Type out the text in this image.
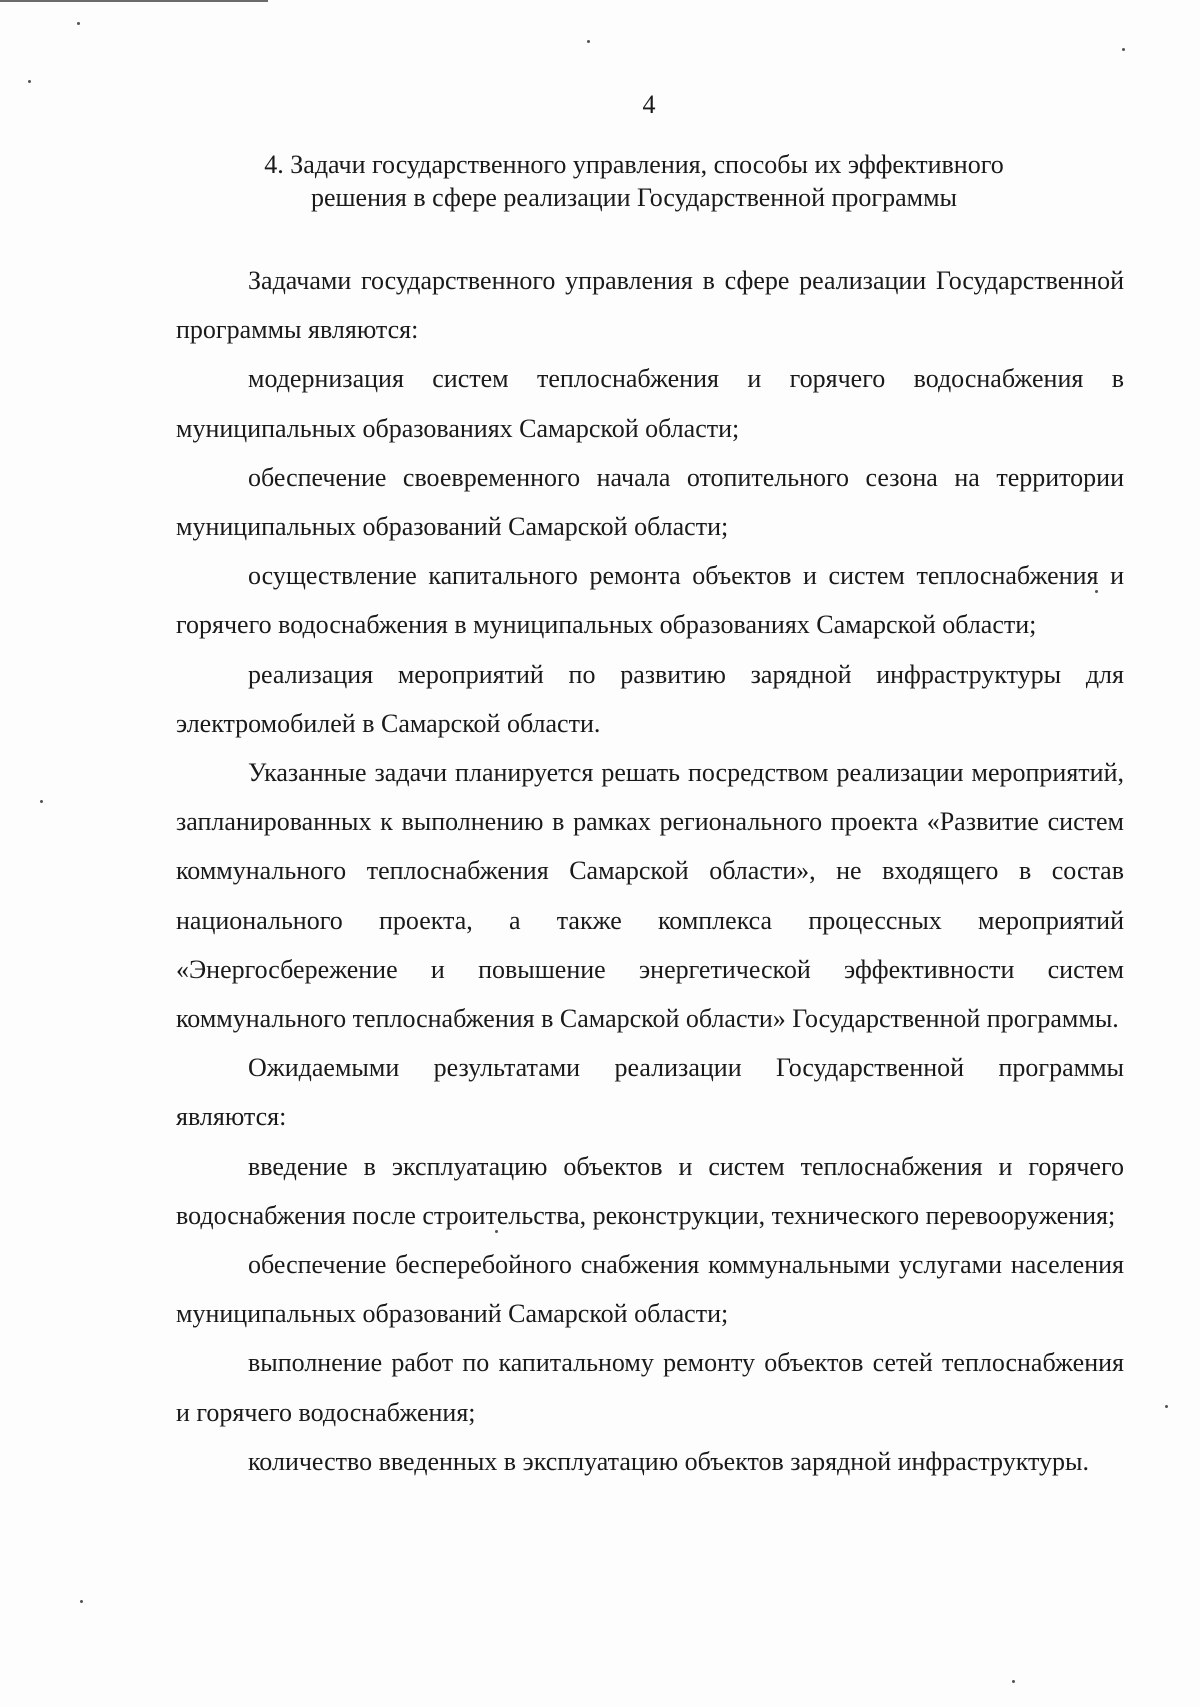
4
4. Задачи государственного управления, способы их эффективного
решения в сфере реализации Государственной программы

Задачами государственного управления в сфере реализации Государственной программы являются:

модернизация систем теплоснабжения и горячего водоснабжения в муниципальных образованиях Самарской области;

обеспечение своевременного начала отопительного сезона на территории муниципальных образований Самарской области;

осуществление капитального ремонта объектов и систем теплоснабжения и горячего водоснабжения в муниципальных образованиях Самарской области;

реализация мероприятий по развитию зарядной инфраструктуры для электромобилей в Самарской области.

Указанные задачи планируется решать посредством реализации мероприятий, запланированных к выполнению в рамках регионального проекта «Развитие систем коммунального теплоснабжения Самарской области», не входящего в состав национального проекта, а также комплекса процессных мероприятий «Энергосбережение и повышение энергетической эффективности систем коммунального теплоснабжения в Самарской области» Государственной программы.

Ожидаемыми результатами реализации Государственной программы являются:

введение в эксплуатацию объектов и систем теплоснабжения и горячего водоснабжения после строительства, реконструкции, технического перевооружения;

обеспечение бесперебойного снабжения коммунальными услугами населения муниципальных образований Самарской области;

выполнение работ по капитальному ремонту объектов сетей теплоснабжения и горячего водоснабжения;

количество введенных в эксплуатацию объектов зарядной инфраструктуры.
